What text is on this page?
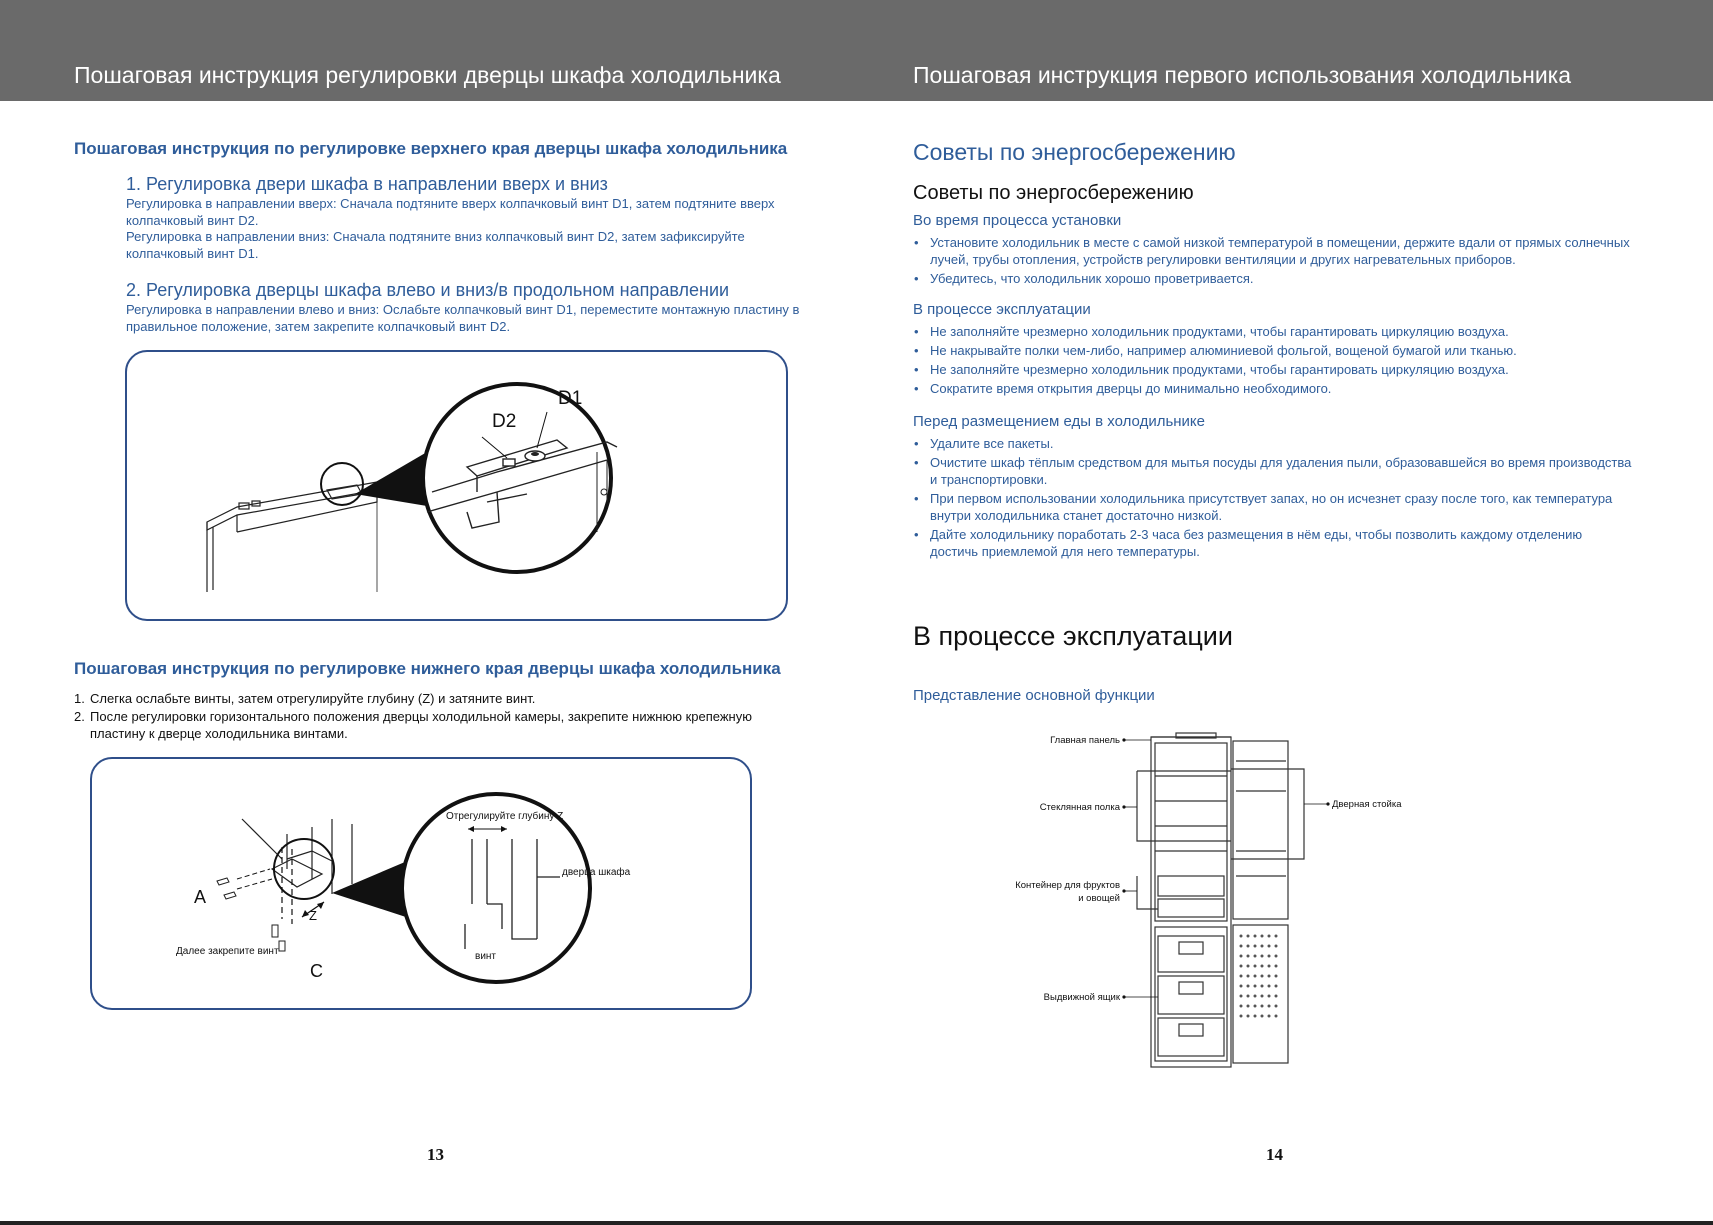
Пошаговая инструкция регулировки дверцы шкафа холодильника	Пошаговая инструкция первого использования холодильника
Пошаговая инструкция по регулировке верхнего края дверцы шкафа холодильника
1. Регулировка двери шкафа в направлении вверх и вниз

Регулировка в направлении вверх: Сначала подтяните вверх колпачковый винт D1, затем подтяните вверх колпачковый винт D2.

Регулировка в направлении вниз: Сначала подтяните вниз колпачковый винт D2, затем зафиксируйте колпачковый винт D1.

2. Регулировка дверцы шкафа влево и вниз/в продольном направлении

Регулировка в направлении влево и вниз: Ослабьте колпачковый винт D1, переместите монтажную пластину в правильное положение, затем закрепите колпачковый винт D2.

D1
D2
Пошаговая инструкция по регулировке нижнего края дверцы шкафа холодильника
1. Слегка ослабьте винты, затем отрегулируйте глубину (Z) и затяните винт.
2. После регулировки горизонтального положения дверцы холодильной камеры, закрепите нижнюю крепежную пластину к дверце холодильника винтами.
Отрегулируйте глубину Z
дверца шкафа
винт
A
Z
Далее закрепите винт
C

13

Советы по энергосбережению
Советы по энергосбережению
Во время процесса установки
• Установите холодильник в месте с самой низкой температурой в помещении, держите вдали от прямых солнечных лучей, трубы отопления, устройств регулировки вентиляции и других нагревательных приборов.
• Убедитесь, что холодильник хорошо проветривается.
В процессе эксплуатации
• Не заполняйте чрезмерно холодильник продуктами, чтобы гарантировать циркуляцию воздуха.
• Не накрывайте полки чем-либо, например алюминиевой фольгой, вощеной бумагой или тканью.
• Не заполняйте чрезмерно холодильник продуктами, чтобы гарантировать циркуляцию воздуха.
• Сократите время открытия дверцы до минимально необходимого.
Перед размещением еды в холодильнике
• Удалите все пакеты.
• Очистите шкаф тёплым средством для мытья посуды для удаления пыли, образовавшейся во время производства и транспортировки.
• При первом использовании холодильника присутствует запах, но он исчезнет сразу после того, как температура внутри холодильника станет достаточно низкой.
• Дайте холодильнику поработать 2-3 часа без размещения в нём еды, чтобы позволить каждому отделению достичь приемлемой для него температуры.
В процессе эксплуатации
Представление основной функции
Главная панель
Стеклянная полка
Контейнер для фруктов
и овощей
Выдвижной ящик
Дверная стойка

14
